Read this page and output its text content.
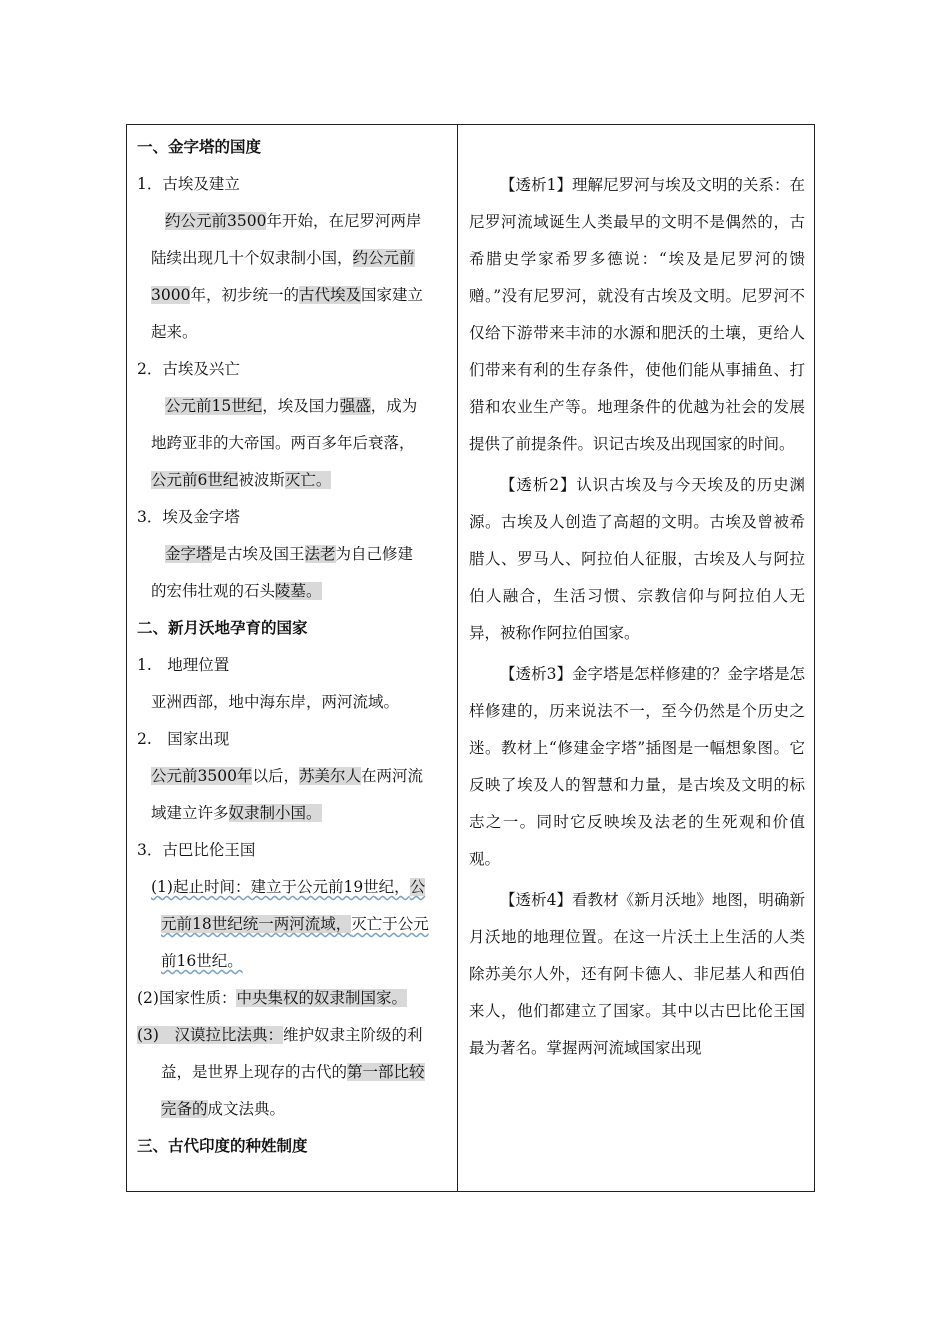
一、金字塔的国度
1．古埃及建立
约公元前3500年开始，在尼罗河两岸
陆续出现几十个奴隶制小国，约公元前
3000年，初步统一的古代埃及国家建立
起来。
2．古埃及兴亡
公元前15世纪，埃及国力强盛，成为
地跨亚非的大帝国。两百多年后衰落，
公元前6世纪被波斯灭亡。
3．埃及金字塔
金字塔是古埃及国王法老为自己修建
的宏伟壮观的石头陵墓。
二、新月沃地孕育的国家
1.　地理位置
亚洲西部，地中海东岸，两河流域。
2.　国家出现
公元前3500年以后，苏美尔人在两河流
域建立许多奴隶制小国。
3．古巴比伦王国
(1)起止时间：建立于公元前19世纪，公
元前18世纪统一两河流域，灭亡于公元
前16世纪。
(2)国家性质：中央集权的奴隶制国家。
(3)　汉谟拉比法典：维护奴隶主阶级的利
益，是世界上现存的古代的第一部比较
完备的成文法典。
三、古代印度的种姓制度

【透析1】理解尼罗河与埃及文明的关系：在尼罗河流域诞生人类最早的文明不是偶然的，古希腊史学家希罗多德说：“埃及是尼罗河的馈赠。”没有尼罗河，就没有古埃及文明。尼罗河不仅给下游带来丰沛的水源和肥沃的土壤，更给人们带来有利的生存条件，使他们能从事捕鱼、打猎和农业生产等。地理条件的优越为社会的发展提供了前提条件。识记古埃及出现国家的时间。

【透析2】认识古埃及与今天埃及的历史渊源。古埃及人创造了高超的文明。古埃及曾被希腊人、罗马人、阿拉伯人征服，古埃及人与阿拉伯人融合，生活习惯、宗教信仰与阿拉伯人无异，被称作阿拉伯国家。

【透析3】金字塔是怎样修建的？金字塔是怎样修建的，历来说法不一，至今仍然是个历史之迷。教材上“修建金字塔”插图是一幅想象图。它反映了埃及人的智慧和力量，是古埃及文明的标志之一。同时它反映埃及法老的生死观和价值观。

【透析4】看教材《新月沃地》地图，明确新月沃地的地理位置。在这一片沃土上生活的人类除苏美尔人外，还有阿卡德人、非尼基人和西伯来人，他们都建立了国家。其中以古巴比伦王国最为著名。掌握两河流域国家出现
